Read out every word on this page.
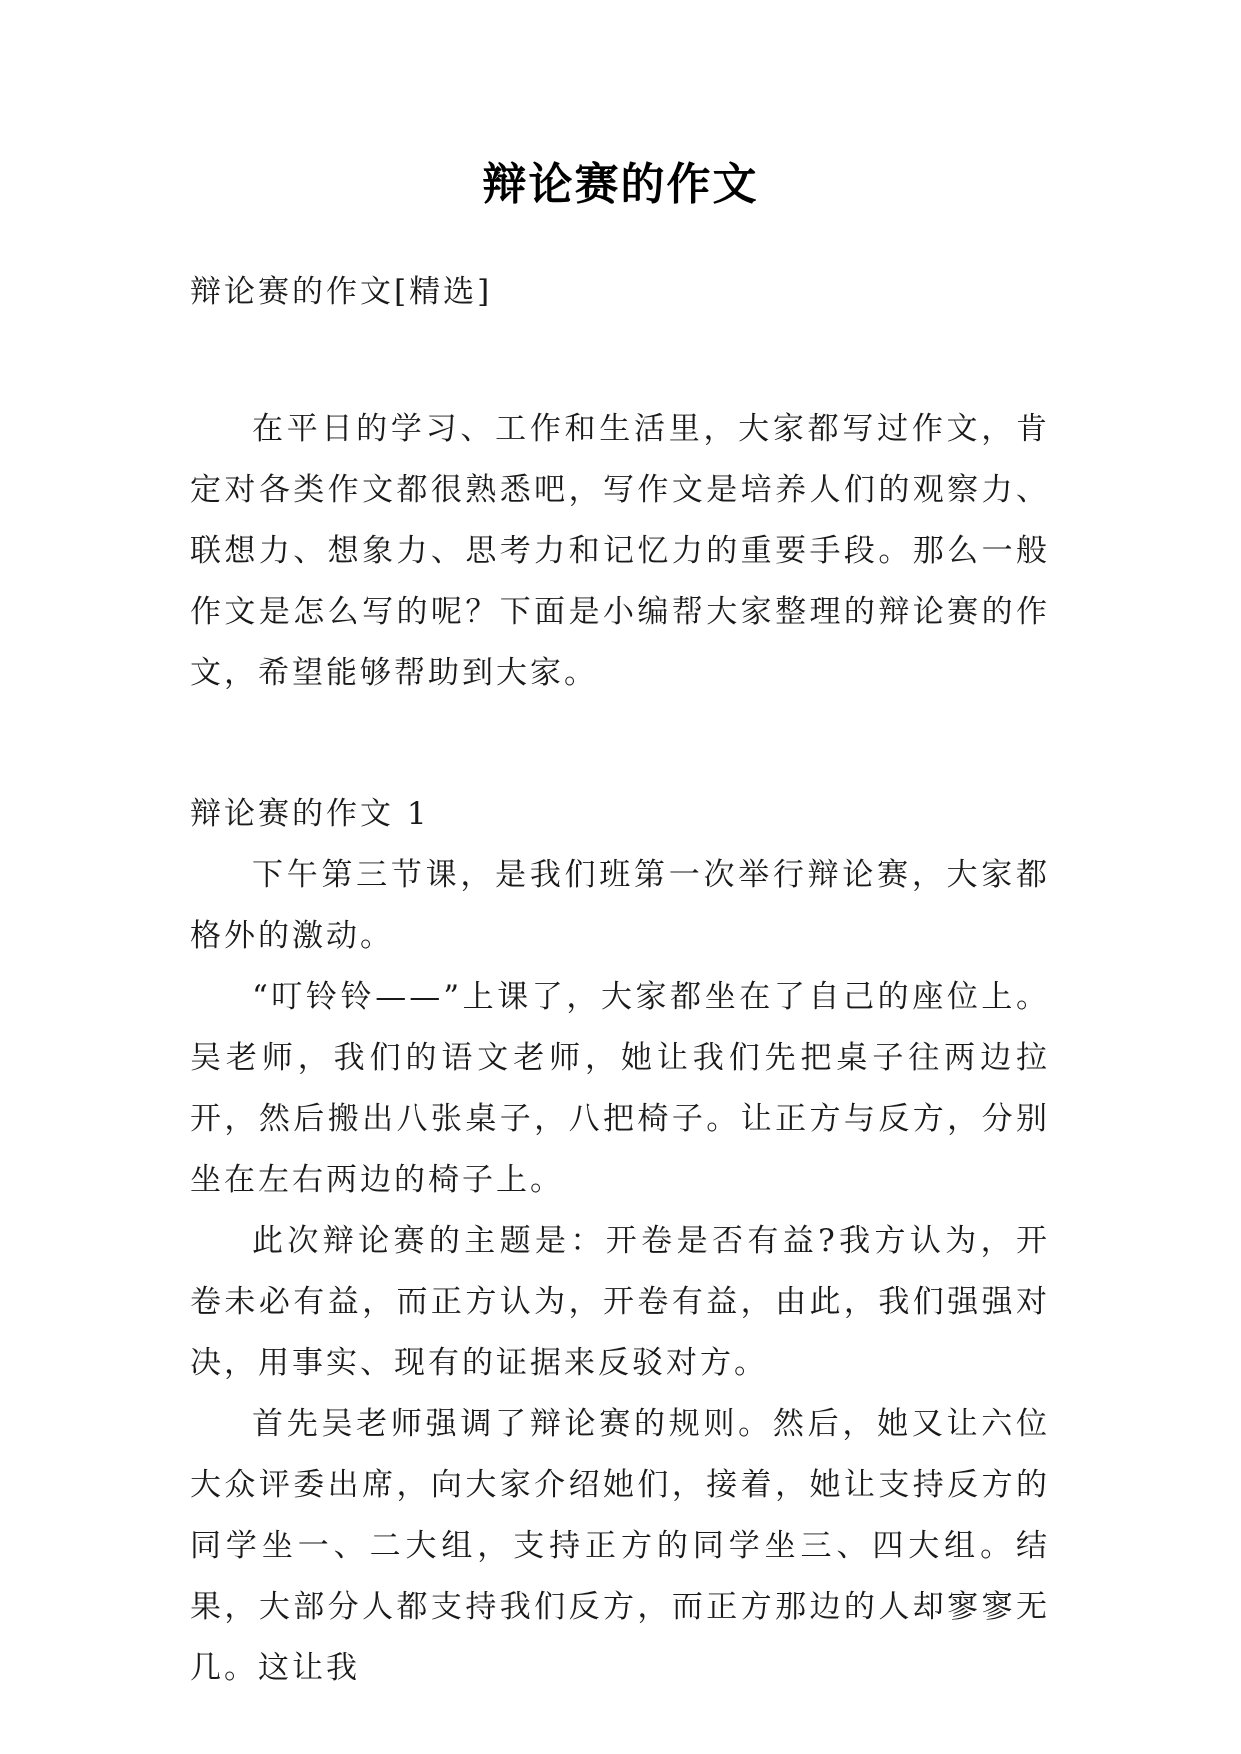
辩论赛的作文

辩论赛的作文[精选]

在平日的学习、工作和生活里，大家都写过作文，肯定对各类作文都很熟悉吧，写作文是培养人们的观察力、联想力、想象力、思考力和记忆力的重要手段。那么一般作文是怎么写的呢？下面是小编帮大家整理的辩论赛的作文，希望能够帮助到大家。

辩论赛的作文 1

下午第三节课，是我们班第一次举行辩论赛，大家都格外的激动。

“叮铃铃——”上课了，大家都坐在了自己的座位上。吴老师，我们的语文老师，她让我们先把桌子往两边拉开，然后搬出八张桌子，八把椅子。让正方与反方，分别坐在左右两边的椅子上。

此次辩论赛的主题是：开卷是否有益?我方认为，开卷未必有益，而正方认为，开卷有益，由此，我们强强对决，用事实、现有的证据来反驳对方。

首先吴老师强调了辩论赛的规则。然后，她又让六位大众评委出席，向大家介绍她们，接着，她让支持反方的同学坐一、二大组，支持正方的同学坐三、四大组。结果，大部分人都支持我们反方，而正方那边的人却寥寥无几。这让我
